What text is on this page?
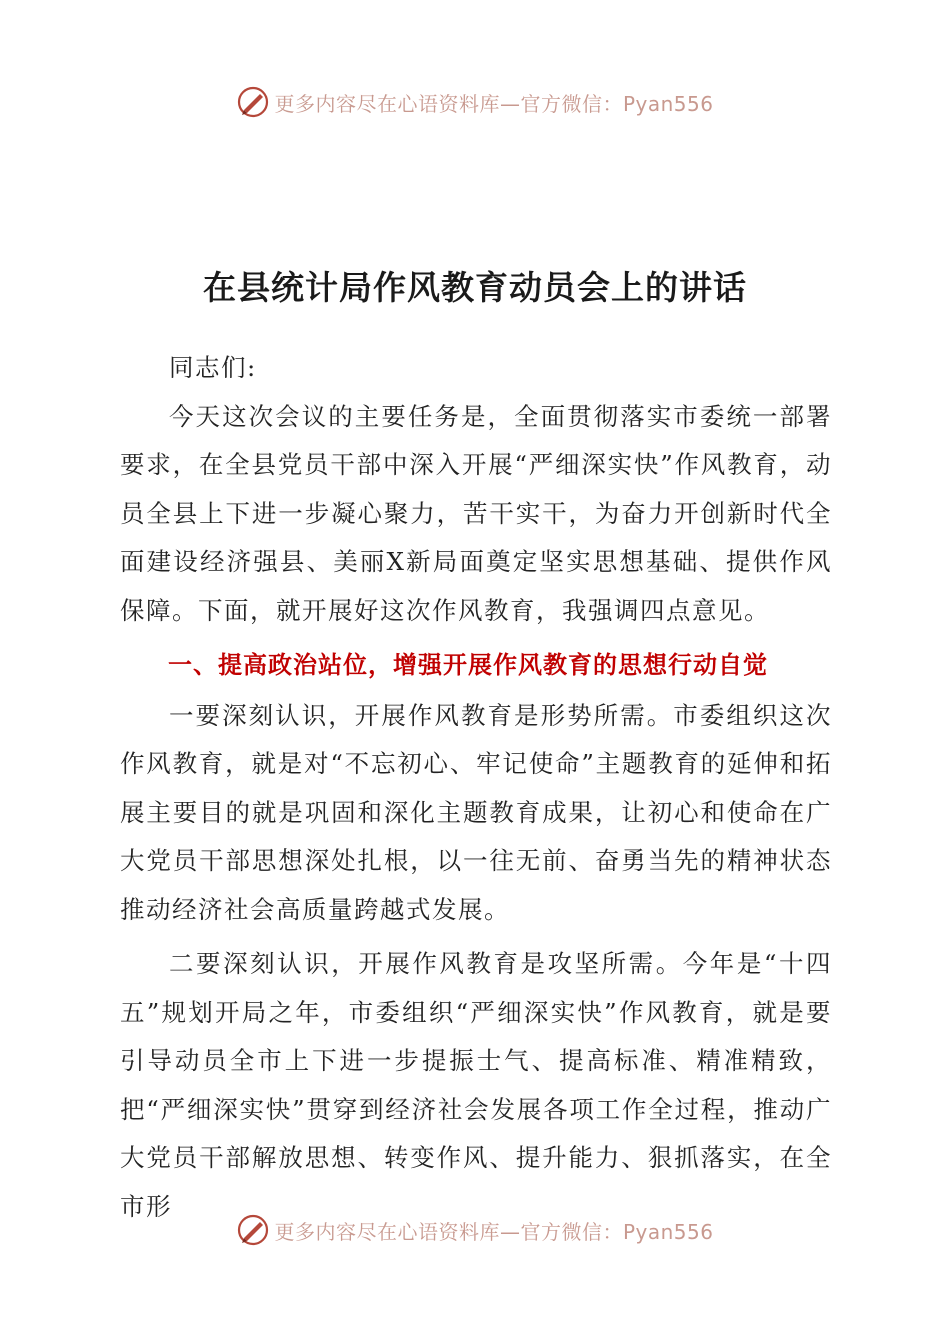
更多内容尽在心语资料库—官方微信：Pyan556
在县统计局作风教育动员会上的讲话

同志们:

今天这次会议的主要任务是，全面贯彻落实市委统一部署要求，在全县党员干部中深入开展“严细深实快”作风教育，动员全县上下进一步凝心聚力，苦干实干，为奋力开创新时代全面建设经济强县、美丽X新局面奠定坚实思想基础、提供作风保障。下面，就开展好这次作风教育，我强调四点意见。

一、提高政治站位，增强开展作风教育的思想行动自觉

一要深刻认识，开展作风教育是形势所需。市委组织这次作风教育，就是对“不忘初心、牢记使命”主题教育的延伸和拓展主要目的就是巩固和深化主题教育成果，让初心和使命在广大党员干部思想深处扎根，以一往无前、奋勇当先的精神状态推动经济社会高质量跨越式发展。

二要深刻认识，开展作风教育是攻坚所需。今年是“十四五”规划开局之年，市委组织“严细深实快”作风教育，就是要引导动员全市上下进一步提振士气、提高标准、精准精致，把“严细深实快”贯穿到经济社会发展各项工作全过程，推动广大党员干部解放思想、转变作风、提升能力、狠抓落实，在全市形

更多内容尽在心语资料库—官方微信：Pyan556
